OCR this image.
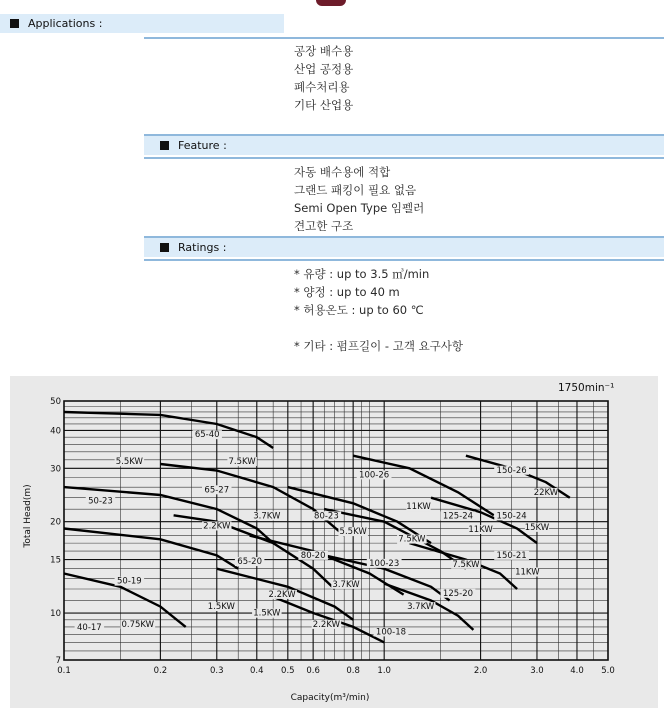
Applications :
공장 배수용
산업 공정용
폐수처리용
기타 산업용
Feature :
자동 배수용에 적합
그랜드 패킹이 필요 없음
Semi Open Type 임펠러
견고한 구조
Ratings :
* 유량 : up to 3.5 ㎥/min
* 양정 : up to 40 m
* 허용온도 : up to 60 ℃
* 기타 : 펌프길이 - 고객 요구사항
0.1	0.2	0.3	0.4 0.5 0.6	0.8 1.0	2.0	3.0	4.0 5.0
7
10
15
20
30
40
50
65-40
7.5KW
5.5KW
65-27
50-23
3.7KW
2.2KW
65-20
50-19
1.5KW
2.2KW
1.5KW
40-17 0.75KW
80-23
5.5KW
80-20
3.7KW
2.2KW
100-26
11KW
7.5KW
100-23
3.7KW
100-18
150-26
22KW
125-24	150-24
11KW	15KW
7.5KW
150-21
11KW
125-20
1750min⁻¹
Capacity(m³/min)
Total Head(m)
